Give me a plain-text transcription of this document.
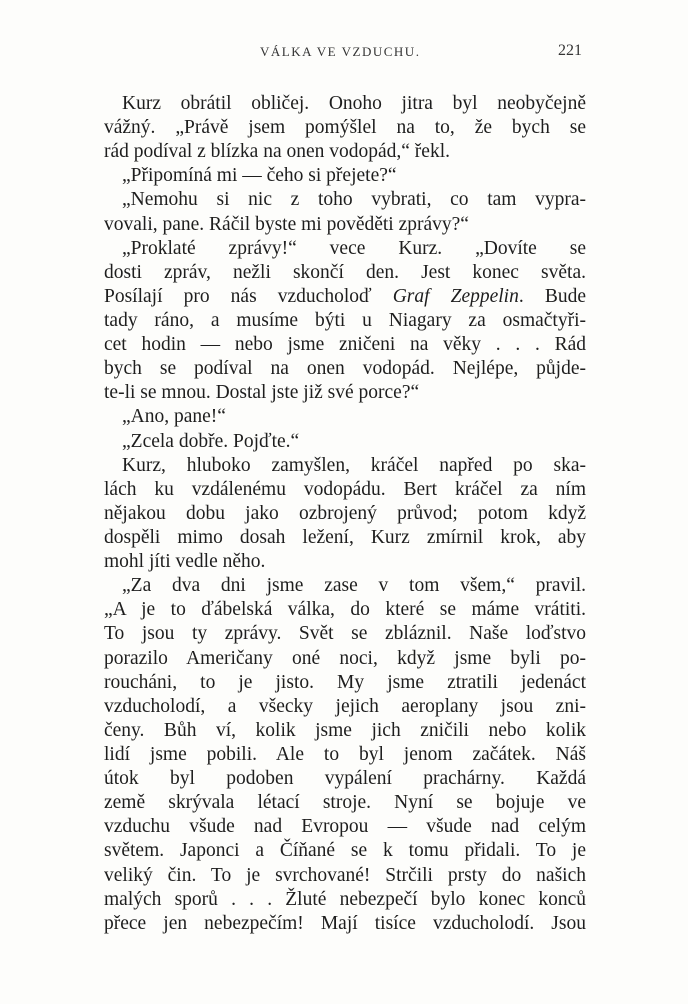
VÁLKA VE VZDUCHU.	221
Kurz obrátil obličej. Onoho jitra byl neobyčejně
vážný. „Právě jsem pomýšlel na to, že bych se
rád podíval z blízka na onen vodopád,“ řekl.
„Připomíná mi — čeho si přejete?“
„Nemohu si nic z toho vybrati, co tam vypra-
vovali, pane. Ráčil byste mi pověděti zprávy?“
„Proklaté zprávy!“ vece Kurz. „Dovíte se
dosti zpráv, nežli skončí den. Jest konec světa.
Posílají pro nás vzducholoď Graf Zeppelin. Bude
tady ráno, a musíme býti u Niagary za osmačtyři-
cet hodin — nebo jsme zničeni na věky . . . Rád
bych se podíval na onen vodopád. Nejlépe, půjde-
te-li se mnou. Dostal jste již své porce?“
„Ano, pane!“
„Zcela dobře. Pojďte.“
Kurz, hluboko zamyšlen, kráčel napřed po ska-
lách ku vzdálenému vodopádu. Bert kráčel za ním
nějakou dobu jako ozbrojený průvod; potom když
dospěli mimo dosah ležení, Kurz zmírnil krok, aby
mohl jíti vedle něho.
„Za dva dni jsme zase v tom všem,“ pravil.
„A je to ďábelská válka, do které se máme vrátiti.
To jsou ty zprávy. Svět se zbláznil. Naše loďstvo
porazilo Američany oné noci, když jsme byli po-
roucháni, to je jisto. My jsme ztratili jedenáct
vzducholodí, a všecky jejich aeroplany jsou zni-
čeny. Bůh ví, kolik jsme jich zničili nebo kolik
lidí jsme pobili. Ale to byl jenom začátek. Náš
útok byl podoben vypálení prachárny. Každá
země skrývala létací stroje. Nyní se bojuje ve
vzduchu všude nad Evropou — všude nad celým
světem. Japonci a Číňané se k tomu přidali. To je
veliký čin. To je svrchované! Strčili prsty do našich
malých sporů . . . Žluté nebezpečí bylo konec konců
přece jen nebezpečím! Mají tisíce vzducholodí. Jsou
